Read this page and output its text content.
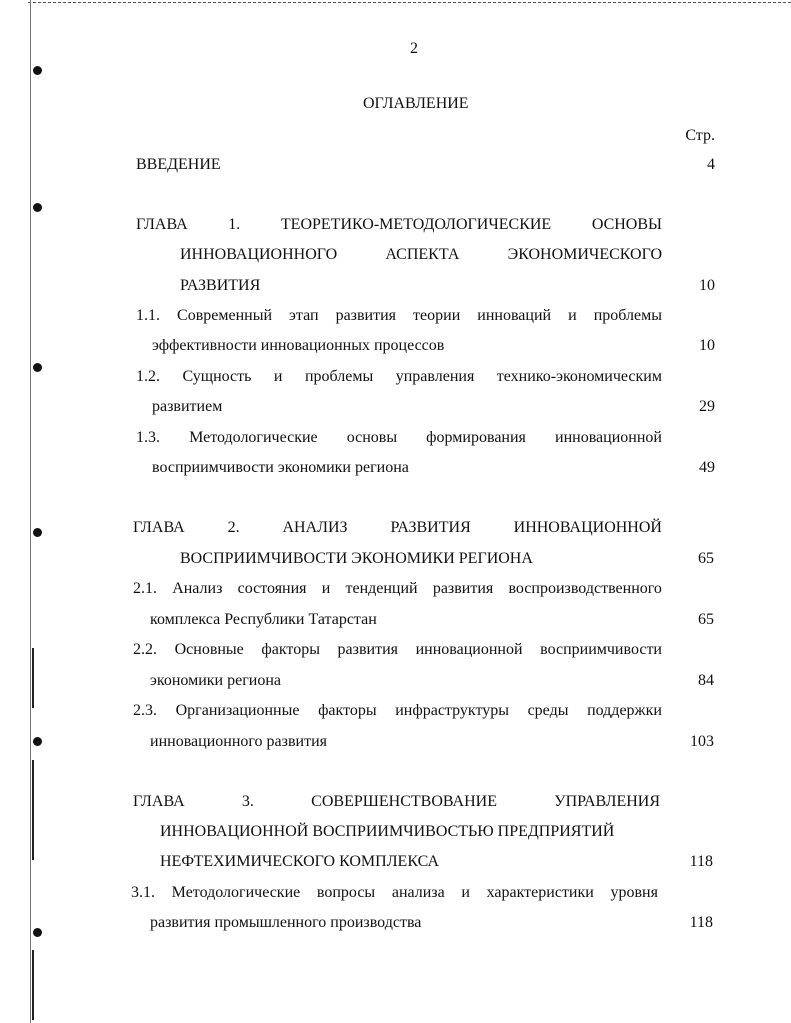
2
ОГЛАВЛЕНИЕ
Стр.
ВВЕДЕНИЕ	4
ГЛАВА	1.	ТЕОРЕТИКО-МЕТОДОЛОГИЧЕСКИЕ	ОСНОВЫ
ИННОВАЦИОННОГО	АСПЕКТА	ЭКОНОМИЧЕСКОГО
РАЗВИТИЯ	10
1.1. Современный этап развития теории инноваций и проблемы
эффективности инновационных процессов	10
1.2. Сущность и проблемы управления технико-экономическим
развитием	29
1.3. Методологические основы формирования инновационной
восприимчивости экономики региона	49
ГЛАВА	2.	АНАЛИЗ	РАЗВИТИЯ	ИННОВАЦИОННОЙ
ВОСПРИИМЧИВОСТИ ЭКОНОМИКИ РЕГИОНА	65
2.1. Анализ состояния и тенденций развития воспроизводственного
комплекса Республики Татарстан	65
2.2. Основные факторы развития инновационной восприимчивости
экономики региона	84
2.3. Организационные факторы инфраструктуры среды поддержки
инновационного развития	103
ГЛАВА	3.	СОВЕРШЕНСТВОВАНИЕ	УПРАВЛЕНИЯ
ИННОВАЦИОННОЙ ВОСПРИИМЧИВОСТЬЮ ПРЕДПРИЯТИЙ
НЕФТЕХИМИЧЕСКОГО КОМПЛЕКСА	118
3.1. Методологические вопросы анализа и характеристики уровня
развития промышленного производства	118
